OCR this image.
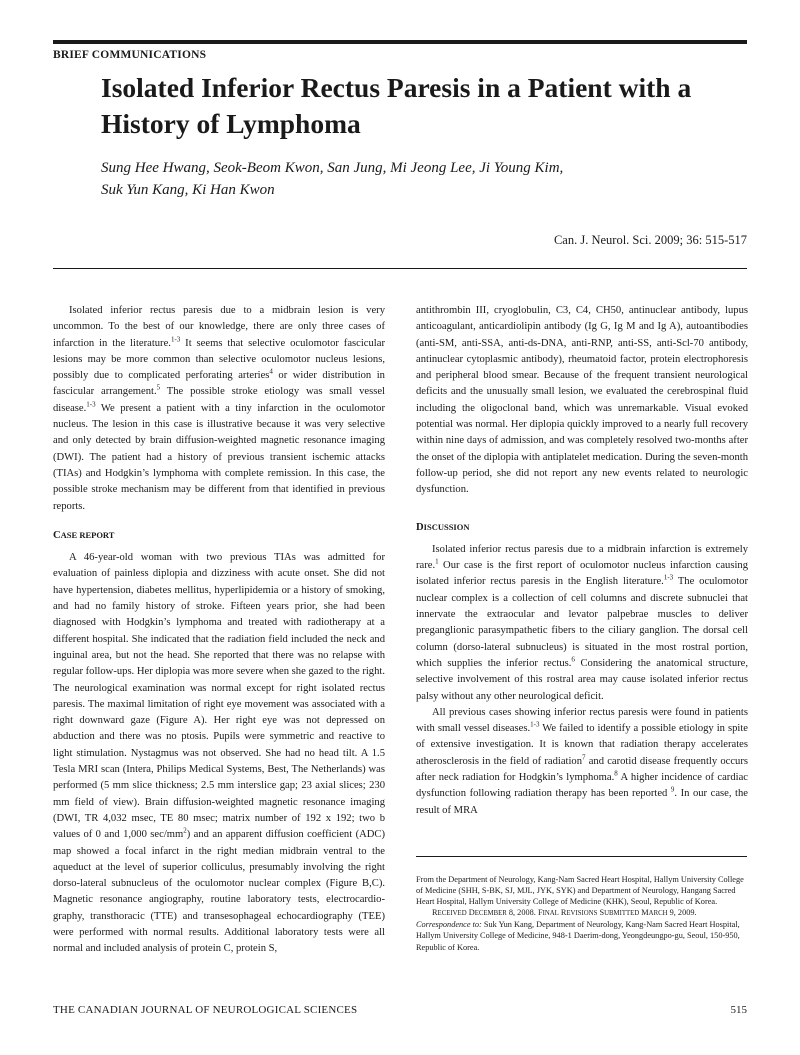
BRIEF COMMUNICATIONS
Isolated Inferior Rectus Paresis in a Patient with a History of Lymphoma
Sung Hee Hwang, Seok-Beom Kwon, San Jung, Mi Jeong Lee, Ji Young Kim,
Suk Yun Kang, Ki Han Kwon
Can. J. Neurol. Sci. 2009; 36: 515-517

Isolated inferior rectus paresis due to a midbrain lesion is very uncommon. To the best of our knowledge, there are only three cases of infarction in the literature.$^{1-3}$ It seems that selective oculomotor fascicular lesions may be more common than selective oculomotor nucleus lesions, possibly due to complicated perforating arteries$^4$ or wider distribution in fascicular arrangement.$^5$ The possible stroke etiology was small vessel disease.$^{1-3}$ We present a patient with a tiny infarction in the oculomotor nucleus. The lesion in this case is illustrative because it was very selective and only detected by brain diffusion-weighted magnetic resonance imaging (DWI). The patient had a history of previous transient ischemic attacks (TIAs) and Hodgkin’s lymphoma with complete remission. In this case, the possible stroke mechanism may be different from that identified in previous reports.

CASE REPORT

A 46-year-old woman with two previous TIAs was admitted for evaluation of painless diplopia and dizziness with acute onset. She did not have hypertension, diabetes mellitus, hyperlipidemia or a history of smoking, and had no family history of stroke. Fifteen years prior, she had been diagnosed with Hodgkin’s lymphoma and treated with radiotherapy at a different hospital. She indicated that the radiation field included the neck and inguinal area, but not the head. She reported that there was no relapse with regular follow-ups. Her diplopia was more severe when she gazed to the right. The neurological examination was normal except for right isolated rectus paresis. The maximal limitation of right eye movement was associated with a right downward gaze (Figure A). Her right eye was not depressed on abduction and there was no ptosis. Pupils were symmetric and reactive to light stimulation. Nystagmus was not observed. She had no head tilt. A 1.5 Tesla MRI scan (Intera, Philips Medical Systems, Best, The Netherlands) was performed (5 mm slice thickness; 2.5 mm interslice gap; 23 axial slices; 230 mm field of view). Brain diffusion-weighted magnetic resonance imaging (DWI, TR 4,032 msec, TE 80 msec; matrix number of 192 x 192; two b values of 0 and 1,000 $\sec/mm^2$) and an apparent diffusion coefficient (ADC) map showed a focal infarct in the right median midbrain ventral to the aqueduct at the level of superior colliculus, presumably involving the right dorso-lateral subnucleus of the oculomotor nuclear complex (Figure B,C). Magnetic resonance angiography, routine laboratory tests, electrocardio-graphy, transthoracic (TTE) and transesophageal echocardiography (TEE) were performed with normal results. Additional laboratory tests were all normal and included analysis of protein C, protein S,

antithrombin III, cryoglobulin, C3, C4, CH50, antinuclear antibody, lupus anticoagulant, anticardiolipin antibody (Ig G, Ig M and Ig A), autoantibodies (anti-SM, anti-SSA, anti-ds-DNA, anti-RNP, anti-SS, anti-Scl-70 antibody, antinuclear cytoplasmic antibody), rheumatoid factor, protein electrophoresis and peripheral blood smear. Because of the frequent transient neurological deficits and the unusually small lesion, we evaluated the cerebrospinal fluid including the oligoclonal band, which was unremarkable. Visual evoked potential was normal. Her diplopia quickly improved to a nearly full recovery within nine days of admission, and was completely resolved two-months after the onset of the diplopia with antiplatelet medication. During the seven-month follow-up period, she did not report any new events related to neurologic dysfunction.

DISCUSSION

Isolated inferior rectus paresis due to a midbrain infarction is extremely rare.$^1$ Our case is the first report of oculomotor nucleus infarction causing isolated inferior rectus paresis in the English literature.$^{1-3}$ The oculomotor nuclear complex is a collection of cell columns and discrete subnuclei that innervate the extraocular and levator palpebrae muscles to deliver preganglionic parasympathetic fibers to the ciliary ganglion. The dorsal cell column (dorso-lateral subnucleus) is situated in the most rostral portion, which supplies the inferior rectus.$^6$ Considering the anatomical structure, selective involvement of this rostral area may cause isolated inferior rectus palsy without any other neurological deficit.

All previous cases showing inferior rectus paresis were found in patients with small vessel diseases.$^{1-3}$ We failed to identify a possible etiology in spite of extensive investigation. It is known that radiation therapy accelerates atherosclerosis in the field of radiation$^7$ and carotid disease frequently occurs after neck radiation for Hodgkin’s lymphoma.$^8$ A higher incidence of cardiac dysfunction following radiation therapy has been reported $^9$. In our case, the result of MRA

From the Department of Neurology, Kang-Nam Sacred Heart Hospital, Hallym University College of Medicine (SHH, S-BK, SJ, MJL, JYK, SYK) and Department of Neurology, Hangang Sacred Heart Hospital, Hallym University College of Medicine (KHK), Seoul, Republic of Korea.

RECEIVED DECEMBER 8, 2008. FINAL REVISIONS SUBMITTED MARCH 9, 2009.

Correspondence to: Suk Yun Kang, Department of Neurology, Kang-Nam Sacred Heart Hospital, Hallym University College of Medicine, 948-1 Daerim-dong, Yeongdeungpo-gu, Seoul, 150-950, Republic of Korea.

THE CANADIAN JOURNAL OF NEUROLOGICAL SCIENCES	515
